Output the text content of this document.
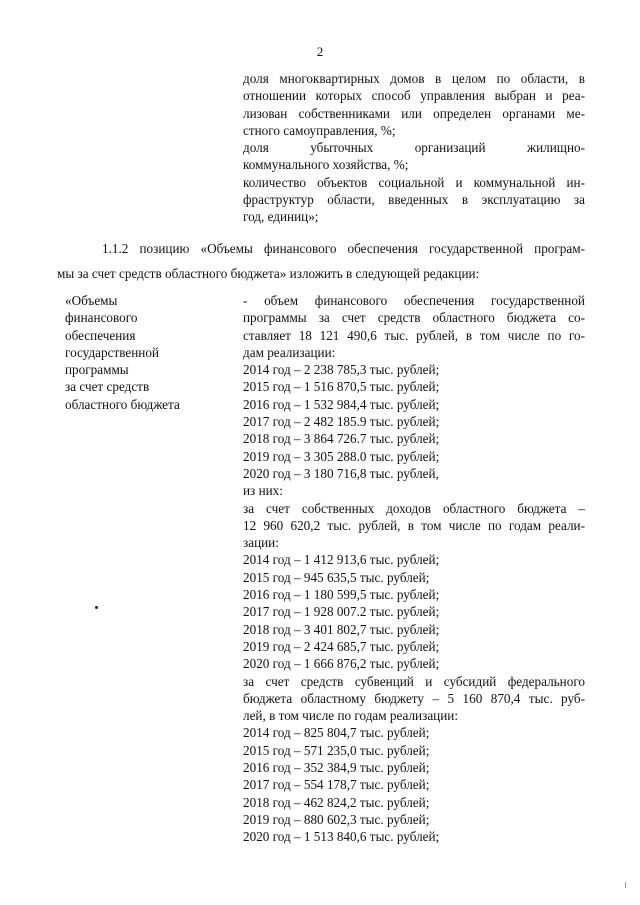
2
доля многоквартирных домов в целом по области, в
отношении которых способ управления выбран и реа-
лизован собственниками или определен органами ме-
стного самоуправления, %;
доля убыточных организаций жилищно-
коммунального хозяйства, %;
количество объектов социальной и коммунальной ин-
фраструктур области, введенных в эксплуатацию за
год, единиц»;
1.1.2 позицию «Объемы финансового обеспечения государственной програм-
мы за счет средств областного бюджета» изложить в следующей редакции:
«Объемы
финансового
обеспечения
государственной
программы
за счет средств
областного бюджета
- объем финансового обеспечения государственной
программы за счет средств областного бюджета со-
ставляет 18 121 490,6 тыс. рублей, в том числе по го-
дам реализации:
2014 год – 2 238 785,3 тыс. рублей;
2015 год – 1 516 870,5 тыс. рублей;
2016 год – 1 532 984,4 тыс. рублей;
2017 год – 2 482 185.9 тыс. рублей;
2018 год – 3 864 726.7 тыс. рублей;
2019 год – 3 305 288.0 тыс. рублей;
2020 год – 3 180 716,8 тыс. рублей,
из них:
за счет собственных доходов областного бюджета –
12 960 620,2 тыс. рублей, в том числе по годам реали-
зации:
2014 год – 1 412 913,6 тыс. рублей;
2015 год – 945 635,5 тыс. рублей;
2016 год – 1 180 599,5 тыс. рублей;
2017 год – 1 928 007.2 тыс. рублей;
2018 год – 3 401 802,7 тыс. рублей;
2019 год – 2 424 685,7 тыс. рублей;
2020 год – 1 666 876,2 тыс. рублей;
за счет средств субвенций и субсидий федерального
бюджета областному бюджету – 5 160 870,4 тыс. руб-
лей, в том числе по годам реализации:
2014 год – 825 804,7 тыс. рублей;
2015 год – 571 235,0 тыс. рублей;
2016 год – 352 384,9 тыс. рублей;
2017 год – 554 178,7 тыс. рублей;
2018 год – 462 824,2 тыс. рублей;
2019 год – 880 602,3 тыс. рублей;
2020 год – 1 513 840,6 тыс. рублей;
